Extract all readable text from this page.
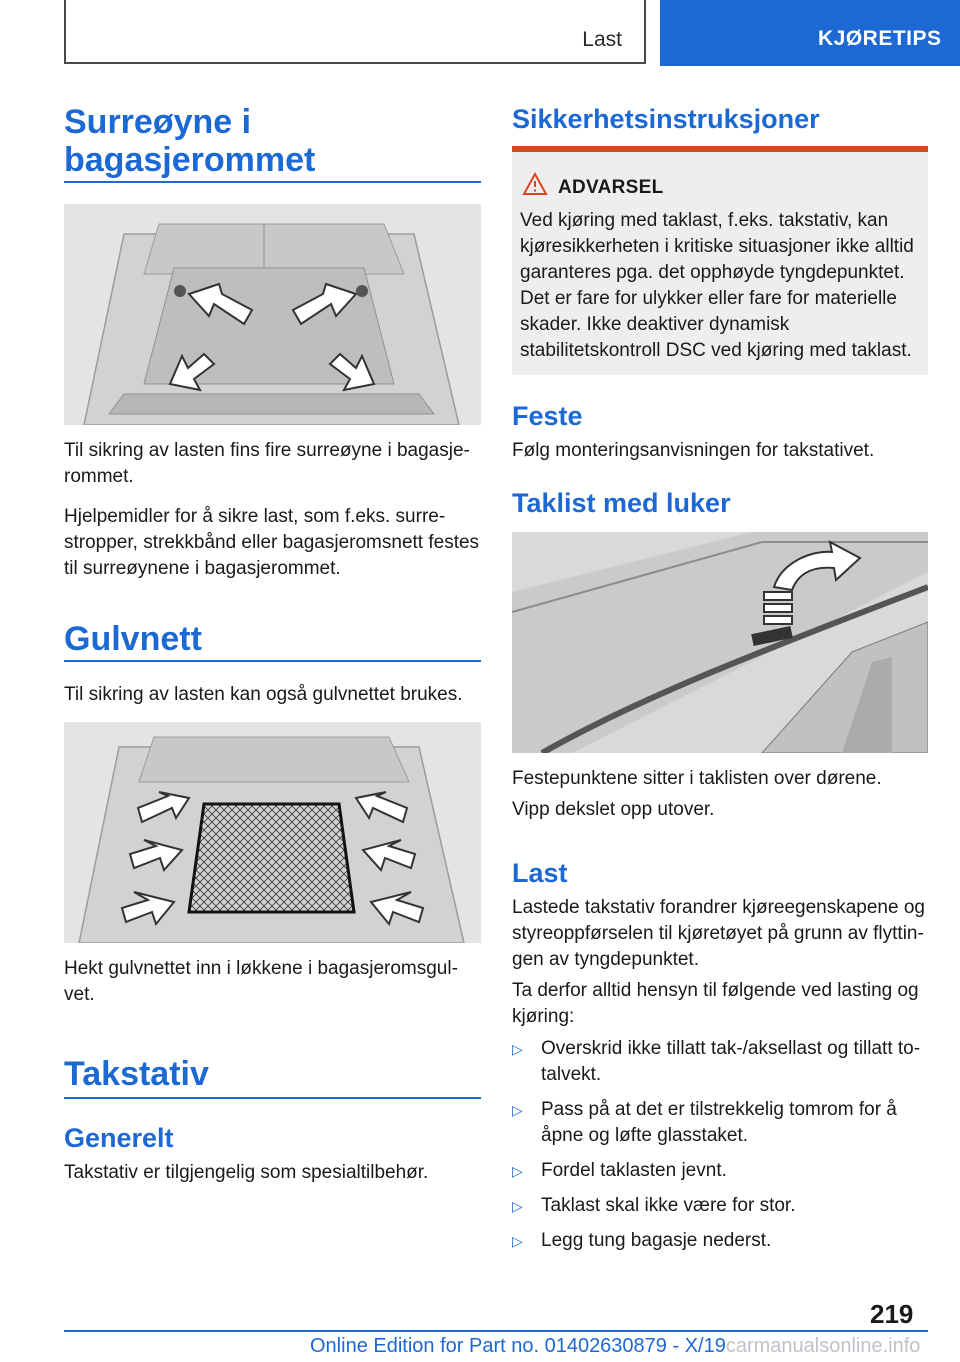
Last	KJØRETIPS
Surreøyne i
bagasjerommet

Til sikring av lasten fins fire surreøyne i bagasjerommet.

Hjelpemidler for å sikre last, som f.eks. surrestropper, strekkbånd eller bagasjeromsnett festes til surreøynene i bagasjerommet.

Gulvnett

Til sikring av lasten kan også gulvnettet brukes.

Hekt gulvnettet inn i løkkene i bagasjeromsgulvet.

Takstativ
Generelt

Takstativ er tilgjengelig som spesialtilbehør.

Sikkerhetsinstruksjoner
ADVARSEL
Ved kjøring med taklast, f.eks. takstativ, kan kjøresikkerheten i kritiske situasjoner ikke alltid garanteres pga. det opphøyde tyngdepunktet. Det er fare for ulykker eller fare for materielle skader. Ikke deaktiver dynamisk stabilitetskontroll DSC ved kjøring med taklast.
Feste

Følg monteringsanvisningen for takstativet.

Taklist med luker

Festepunktene sitter i taklisten over dørene.

Vipp dekslet opp utover.

Last

Lastede takstativ forandrer kjøreegenskapene og styreoppførselen til kjøretøyet på grunn av flyttingen av tyngdepunktet.

Ta derfor alltid hensyn til følgende ved lasting og kjøring:

▷ Overskrid ikke tillatt tak-/aksellast og tillatt totalvekt.
▷ Pass på at det er tilstrekkelig tomrom for å åpne og løfte glasstaket.
▷ Fordel taklasten jevnt.
▷ Taklast skal ikke være for stor.
▷ Legg tung bagasje nederst.
219
Online Edition for Part no. 01402630879 - X/19carmanualsonline.info
